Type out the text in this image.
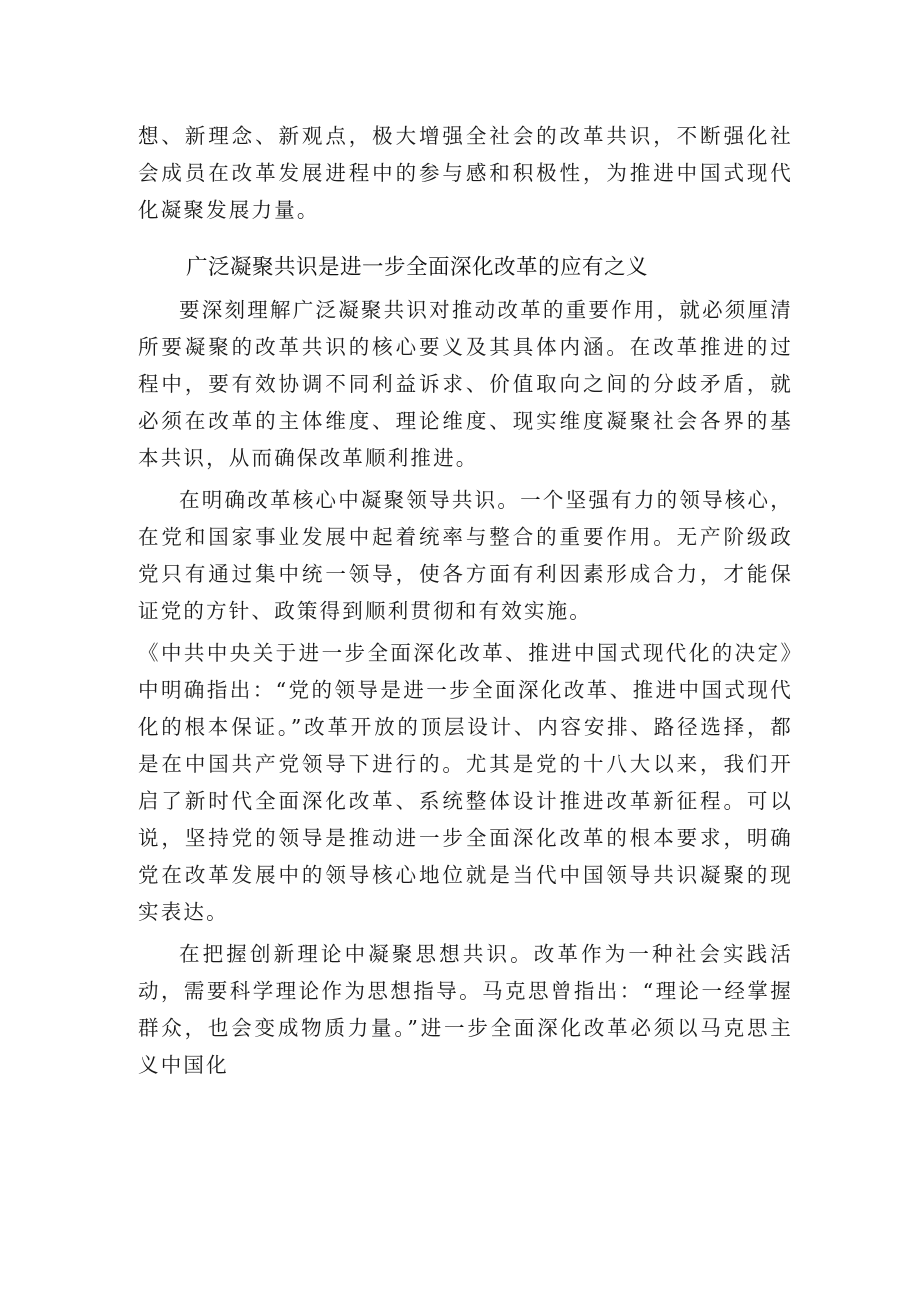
想、新理念、新观点，极大增强全社会的改革共识，不断强化社会成员在改革发展进程中的参与感和积极性，为推进中国式现代化凝聚发展力量。

广泛凝聚共识是进一步全面深化改革的应有之义

要深刻理解广泛凝聚共识对推动改革的重要作用，就必须厘清所要凝聚的改革共识的核心要义及其具体内涵。在改革推进的过程中，要有效协调不同利益诉求、价值取向之间的分歧矛盾，就必须在改革的主体维度、理论维度、现实维度凝聚社会各界的基本共识，从而确保改革顺利推进。

在明确改革核心中凝聚领导共识。一个坚强有力的领导核心，在党和国家事业发展中起着统率与整合的重要作用。无产阶级政党只有通过集中统一领导，使各方面有利因素形成合力，才能保证党的方针、政策得到顺利贯彻和有效实施。

《中共中央关于进一步全面深化改革、推进中国式现代化的决定》中明确指出：“党的领导是进一步全面深化改革、推进中国式现代化的根本保证。”改革开放的顶层设计、内容安排、路径选择，都是在中国共产党领导下进行的。尤其是党的十八大以来，我们开启了新时代全面深化改革、系统整体设计推进改革新征程。可以说，坚持党的领导是推动进一步全面深化改革的根本要求，明确党在改革发展中的领导核心地位就是当代中国领导共识凝聚的现实表达。

在把握创新理论中凝聚思想共识。改革作为一种社会实践活动，需要科学理论作为思想指导。马克思曾指出：“理论一经掌握群众，也会变成物质力量。”进一步全面深化改革必须以马克思主义中国化
